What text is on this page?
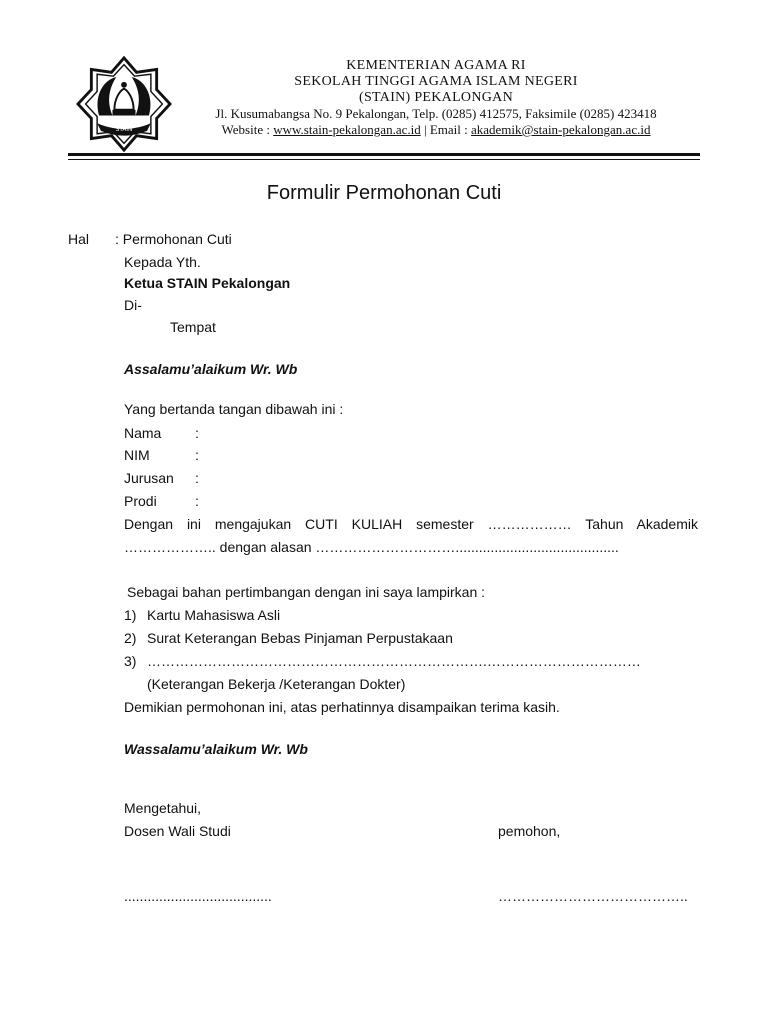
STAIN
KEMENTERIAN AGAMA RI
SEKOLAH TINGGI AGAMA ISLAM NEGERI
(STAIN) PEKALONGAN
Jl. Kusumabangsa No. 9 Pekalongan, Telp. (0285) 412575, Faksimile (0285) 423418
Website : www.stain-pekalongan.ac.id | Email : akademik@stain-pekalongan.ac.id
Formulir Permohonan Cuti
Hal : Permohonan Cuti
Kepada Yth.
Ketua STAIN Pekalongan
Di-
Tempat
Assalamu’alaikum Wr. Wb
Yang bertanda tangan dibawah ini :
Nama :
NIM	:
Jurusan :
Prodi	:
Dengan ini mengajukan CUTI KULIAH semester ……………… Tahun Akademik
……………….. dengan alasan …………………………..........................................
Sebagai bahan pertimbangan dengan ini saya lampirkan :
1) Kartu Mahasiswa Asli
2) Surat Keterangan Bebas Pinjaman Perpustakaan
3) ……………………………………………………………….……………………………
(Keterangan Bekerja /Keterangan Dokter)
Demikian permohonan ini, atas perhatinnya disampaikan terima kasih.
Wassalamu’alaikum Wr. Wb
Mengetahui,
Dosen Wali Studi	pemohon,
......................................	…………………………………..
